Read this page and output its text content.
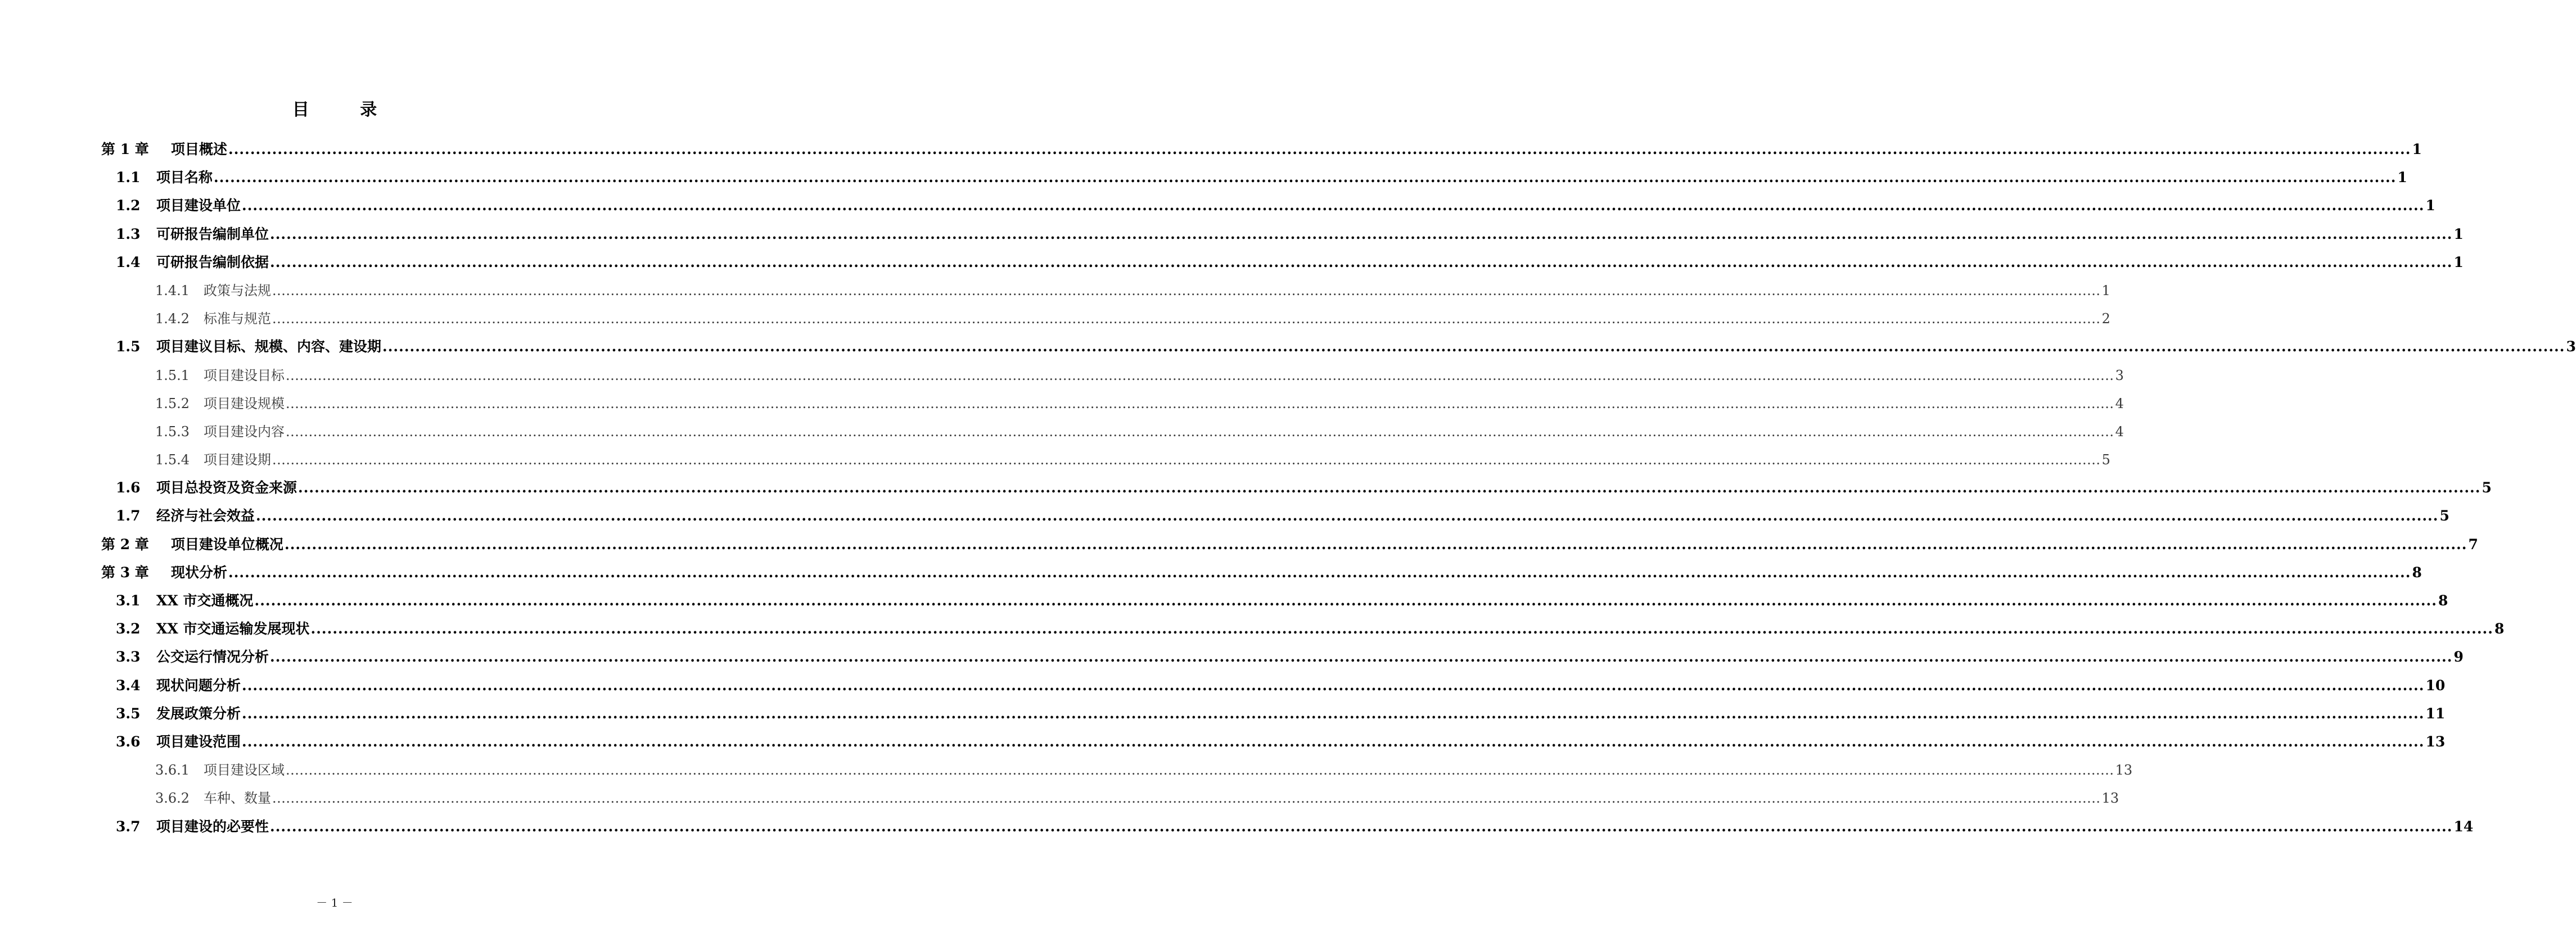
目 录
第 1 章	项目概述 ................................................................................................................................................................................................................................................................................................................................................................................................................ 1
1.1	项目名称 ................................................................................................................................................................................................................................................................................................................................................................................................................ 1
1.2	项目建设单位 ................................................................................................................................................................................................................................................................................................................................................................................................................ 1
1.3	可研报告编制单位 ................................................................................................................................................................................................................................................................................................................................................................................................................ 1
1.4	可研报告编制依据 ................................................................................................................................................................................................................................................................................................................................................................................................................ 1
1.4.1	政策与法规 ................................................................................................................................................................................................................................................................................................................................................................................................................ 1
1.4.2	标准与规范 ................................................................................................................................................................................................................................................................................................................................................................................................................ 2
1.5	项目建议目标、规模、内容、建设期 ................................................................................................................................................................................................................................................................................................................................................................................................................ 3
1.5.1	项目建设目标 ................................................................................................................................................................................................................................................................................................................................................................................................................ 3
1.5.2	项目建设规模 ................................................................................................................................................................................................................................................................................................................................................................................................................ 4
1.5.3	项目建设内容 ................................................................................................................................................................................................................................................................................................................................................................................................................ 4
1.5.4	项目建设期 ................................................................................................................................................................................................................................................................................................................................................................................................................ 5
1.6	项目总投资及资金来源 ................................................................................................................................................................................................................................................................................................................................................................................................................ 5
1.7	经济与社会效益 ................................................................................................................................................................................................................................................................................................................................................................................................................ 5
第 2 章	项目建设单位概况 ................................................................................................................................................................................................................................................................................................................................................................................................................ 7
第 3 章	现状分析 ................................................................................................................................................................................................................................................................................................................................................................................................................ 8
3.1	XX 市交通概况 ................................................................................................................................................................................................................................................................................................................................................................................................................ 8
3.2	XX 市交通运输发展现状 ................................................................................................................................................................................................................................................................................................................................................................................................................ 8
3.3	公交运行情况分析 ................................................................................................................................................................................................................................................................................................................................................................................................................ 9
3.4	现状问题分析 ................................................................................................................................................................................................................................................................................................................................................................................................................ 10
3.5	发展政策分析 ................................................................................................................................................................................................................................................................................................................................................................................................................ 11
3.6	项目建设范围 ................................................................................................................................................................................................................................................................................................................................................................................................................ 13
3.6.1	项目建设区域 ................................................................................................................................................................................................................................................................................................................................................................................................................ 13
3.6.2	车种、数量 ................................................................................................................................................................................................................................................................................................................................................................................................................ 13
3.7	项目建设的必要性 ................................................................................................................................................................................................................................................................................................................................................................................................................ 14
－ 1 －
